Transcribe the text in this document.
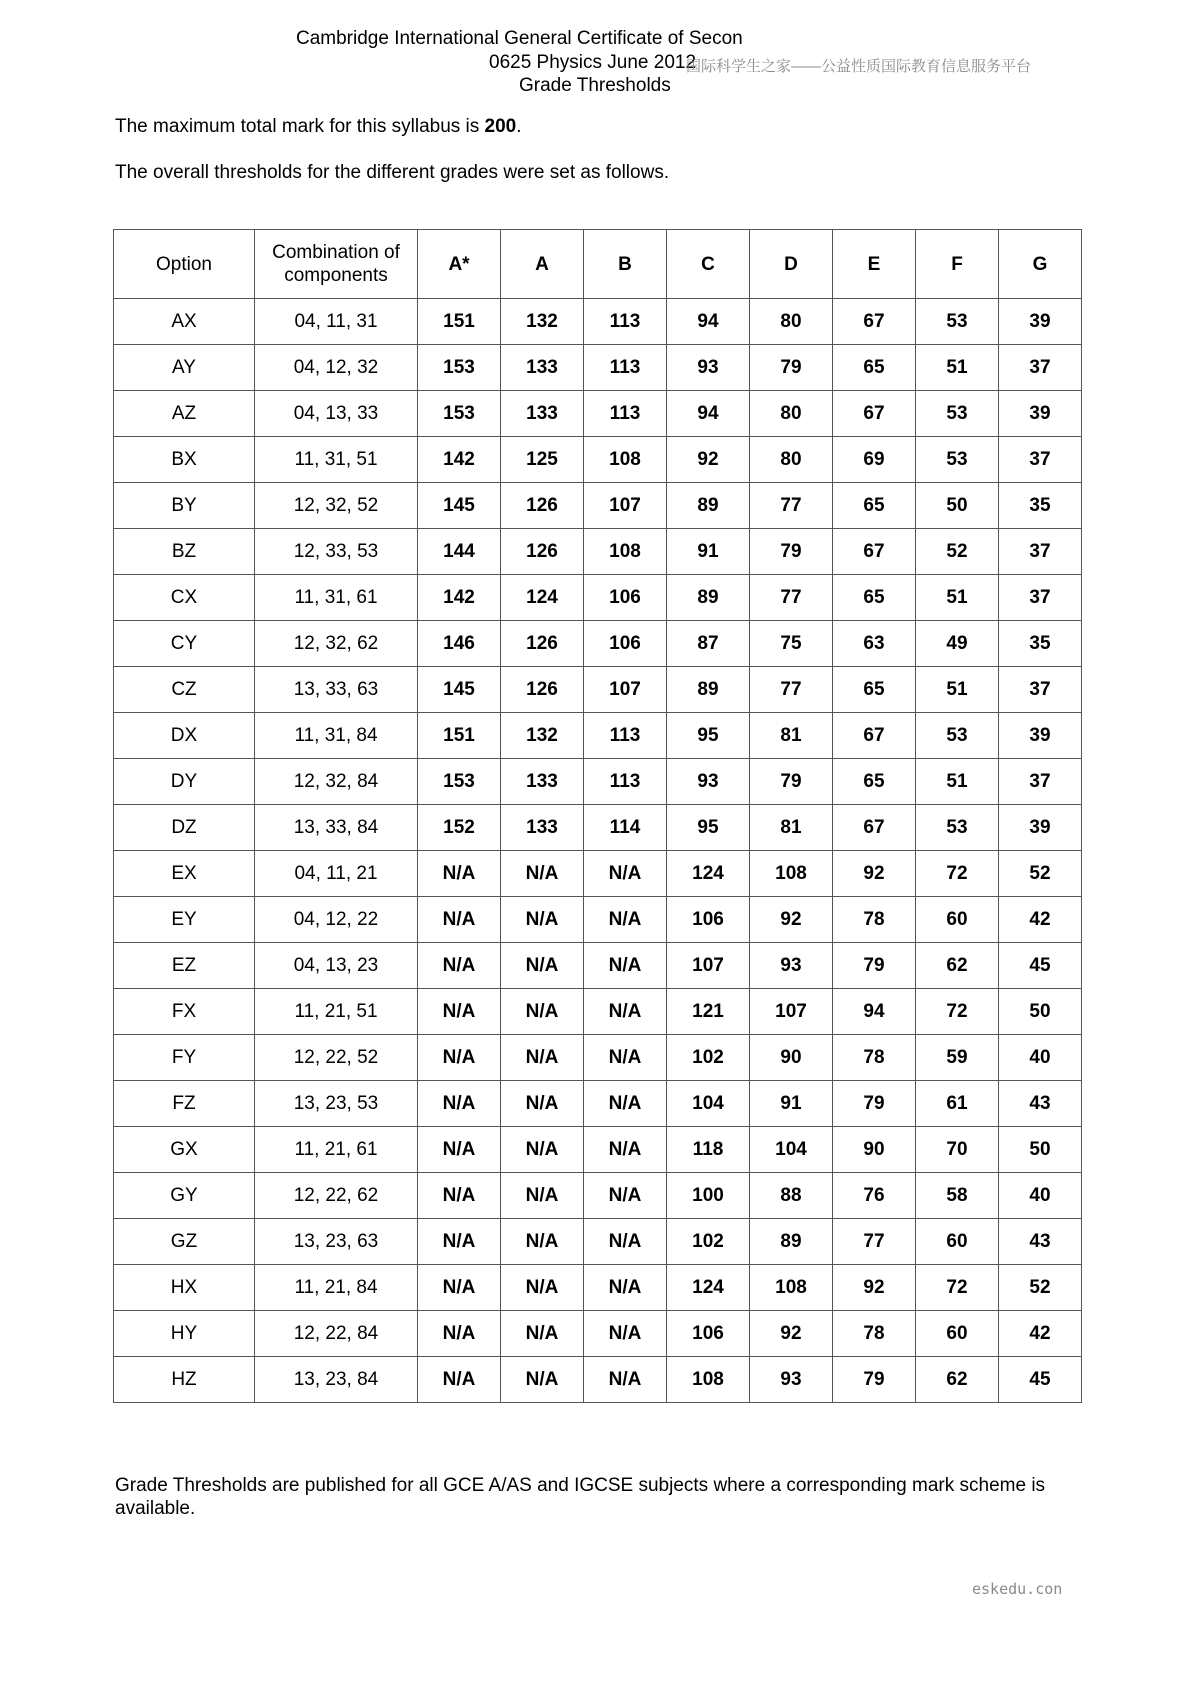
Cambridge International General Certificate of Secon
0625 Physics June 2012
国际科学生之家——公益性质国际教育信息服务平台
Grade Thresholds
The maximum total mark for this syllabus is 200.
The overall thresholds for the different grades were set as follows.
Option	Combination of components	A*	A	B	C	D	E	F	G
AX	04, 11, 31	151	132	113	94	80	67	53	39
AY	04, 12, 32	153	133	113	93	79	65	51	37
AZ	04, 13, 33	153	133	113	94	80	67	53	39
BX	11, 31, 51	142	125	108	92	80	69	53	37
BY	12, 32, 52	145	126	107	89	77	65	50	35
BZ	12, 33, 53	144	126	108	91	79	67	52	37
CX	11, 31, 61	142	124	106	89	77	65	51	37
CY	12, 32, 62	146	126	106	87	75	63	49	35
CZ	13, 33, 63	145	126	107	89	77	65	51	37
DX	11, 31, 84	151	132	113	95	81	67	53	39
DY	12, 32, 84	153	133	113	93	79	65	51	37
DZ	13, 33, 84	152	133	114	95	81	67	53	39
EX	04, 11, 21	N/A	N/A	N/A	124	108	92	72	52
EY	04, 12, 22	N/A	N/A	N/A	106	92	78	60	42
EZ	04, 13, 23	N/A	N/A	N/A	107	93	79	62	45
FX	11, 21, 51	N/A	N/A	N/A	121	107	94	72	50
FY	12, 22, 52	N/A	N/A	N/A	102	90	78	59	40
FZ	13, 23, 53	N/A	N/A	N/A	104	91	79	61	43
GX	11, 21, 61	N/A	N/A	N/A	118	104	90	70	50
GY	12, 22, 62	N/A	N/A	N/A	100	88	76	58	40
GZ	13, 23, 63	N/A	N/A	N/A	102	89	77	60	43
HX	11, 21, 84	N/A	N/A	N/A	124	108	92	72	52
HY	12, 22, 84	N/A	N/A	N/A	106	92	78	60	42
HZ	13, 23, 84	N/A	N/A	N/A	108	93	79	62	45
Grade Thresholds are published for all GCE A/AS and IGCSE subjects where a corresponding mark scheme is available.
eskedu.con
